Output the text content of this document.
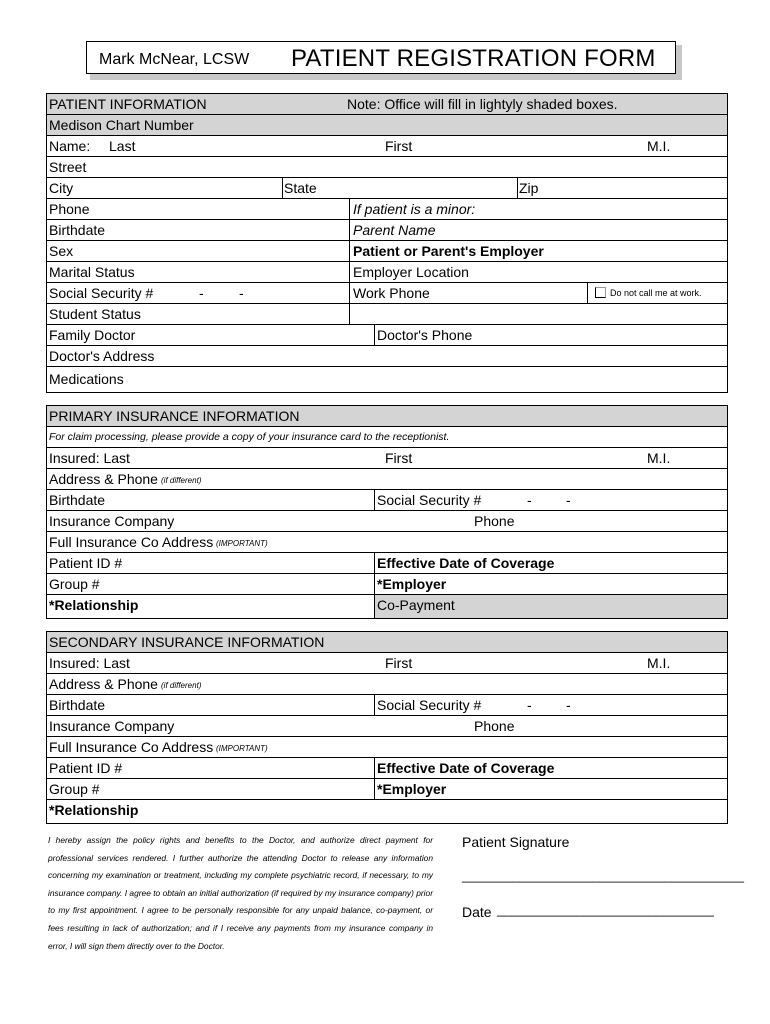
Mark McNear, LCSW PATIENT REGISTRATION FORM
PATIENT INFORMATION	Note: Office will fill in lightyly shaded boxes.
Medison Chart Number
Name: Last	First	M.I.
Street
City	State	Zip
Phone	If patient is a minor:
Birthdate	Parent Name
Sex	Patient or Parent's Employer
Marital Status	Employer Location
Social Security #	-	-	Work Phone	Do not call me at work.
Student Status
Family Doctor	Doctor's Phone
Doctor's Address
Medications
PRIMARY INSURANCE INFORMATION
For claim processing, please provide a copy of your insurance card to the receptionist.
Insured: Last	First	M.I.
Address & Phone (if different)
Birthdate	Social Security #	- -
Insurance Company	Phone
Full Insurance Co Address (IMPORTANT)
Patient ID #	Effective Date of Coverage
Group #	*Employer
*Relationship	Co-Payment
SECONDARY INSURANCE INFORMATION
Insured: Last	First	M.I.
Address & Phone (if different)
Birthdate	Social Security #	- -
Insurance Company	Phone
Full Insurance Co Address (IMPORTANT)
Patient ID #	Effective Date of Coverage
Group #	*Employer
*Relationship
I hereby assign the policy rights and benefits to the Doctor, and authorize direct payment for professional services rendered. I further authorize the attending Doctor to release any information concerning my examination or treatment, including my complete psychiatric record, if necessary, to my insurance company. I agree to obtain an initial authorization (if required by my insurance company) prior to my first appointment. I agree to be personally responsible for any unpaid balance, co-payment, or fees resulting in lack of authorization; and if I receive any payments from my insurance company in error, I will sign them directly over to the Doctor.
Patient Signature
_______________________________________
Date ______________________________
